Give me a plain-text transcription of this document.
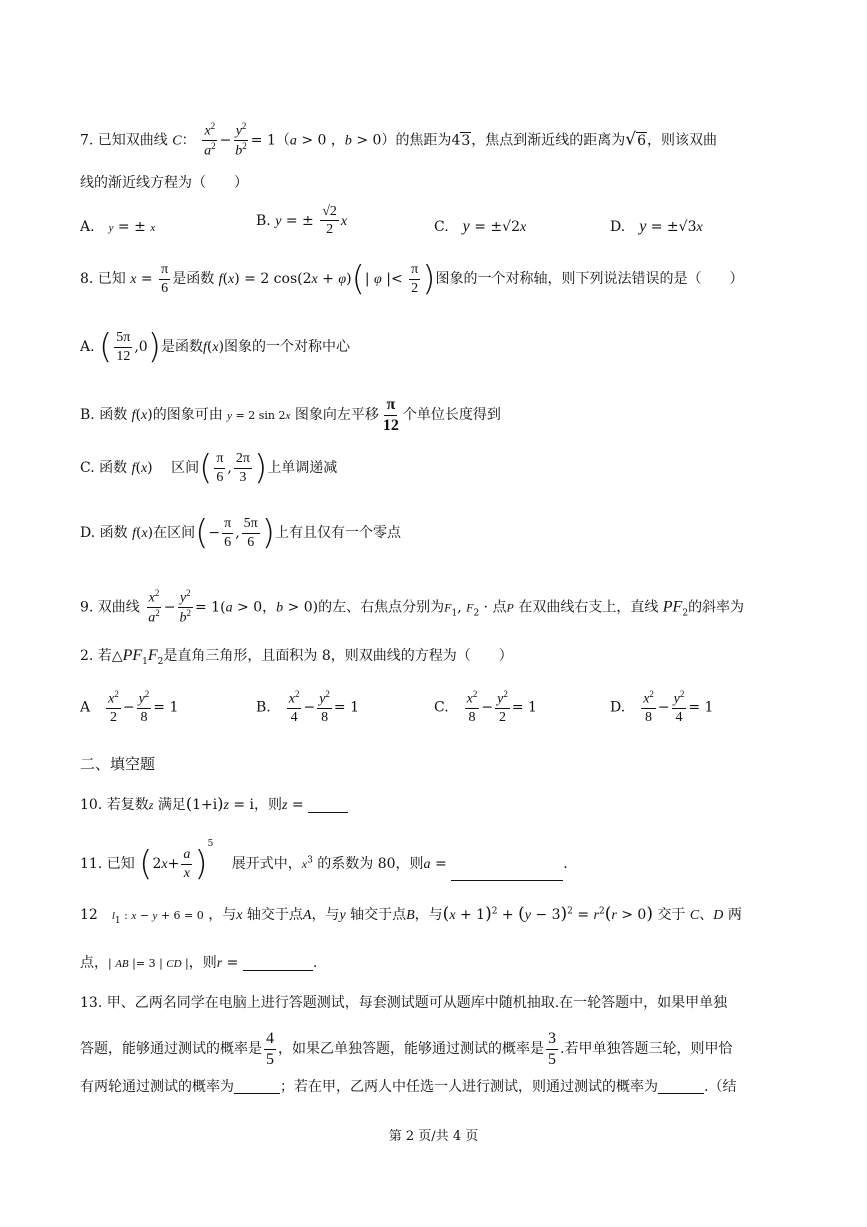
7. 已知双曲线 C： $\frac{x^2}{a^2} - \frac{y^2}{b^2} = 1(a > 0$ ，b > 0）的焦距为43，焦点到渐近线的距离为√6，则该双曲
线的渐近线方程为（　　）
A.　 y = ± x	B. y = ± $\frac{√2}{2}$ x	C.　 y = ±√2x	D.　 y = ±√3x
8. 已知 $x = \frac{\pi}{6}$ 是函数 f(x) = 2 cos(2x + φ)(| φ |< $\frac{\pi}{2}$ )图象的一个对称轴，则下列说法错误的是（　　）
A. ( $\frac{5\pi}{12} ,0$)是函数f(x)图象的一个对称中心
B. 函数 f(x)的图象可由 y = 2 sin 2x 图象向左平移 $\frac{\pi}{12}$ 个单位长度得到
C. 函数 f(x)　 区间( $\frac{\pi}{6}$ , $\frac{2\pi}{3}$ )上单调递减
D. 函数 f(x)在区间(− $\frac{\pi}{6}$ , $\frac{5\pi}{6}$ )上有且仅有一个零点
9. 双曲线 $\frac{x^2}{a^2} - \frac{y^2}{b^2} = 1(a > 0$，b > 0)的左、右焦点分别为$F_1$, $F_2$ · 点P 在双曲线右支上，直线 $PF_2$的斜率为
2. 若$\triangle PF_1F_2$是直角三角形，且面积为 8，则双曲线的方程为（　　）
A　 $\frac{x^2}{2} - \frac{y^2}{8} = 1$	B.　 $\frac{x^2}{4} - \frac{y^2}{8} = 1$	C.　 $\frac{x^2}{8} - \frac{y^2}{2} = 1$	D.　 $\frac{x^2}{8} - \frac{y^2}{4} = 1$
二、填空题
10. 若复数z 满足(1+i)z = i，则z =
11. 已知 $(2x+ \frac{a}{x} )^5$　 展开式中，$x^3$ 的系数为 80，则a =	.
12　 $l_1$ : x − y + 6 = 0 ，与x 轴交于点A，与y 轴交于点B，与$(x + 1)^2 + (y - 3)^2 = r^2(r > 0)$ 交于 C、D 两
点，| AB |= 3 | CD |，则r =	.
13. 甲、乙两名同学在电脑上进行答题测试，每套测试题可从题库中随机抽取.在一轮答题中，如果甲单独
答题，能够通过测试的概率是 $\frac{4}{5}$ ，如果乙单独答题，能够通过测试的概率是 $\frac{3}{5}$ .若甲单独答题三轮，则甲恰
有两轮通过测试的概率为	；若在甲，乙两人中任选一人进行测试，则通过测试的概率为	.（结
第 2 页/共 4 页
